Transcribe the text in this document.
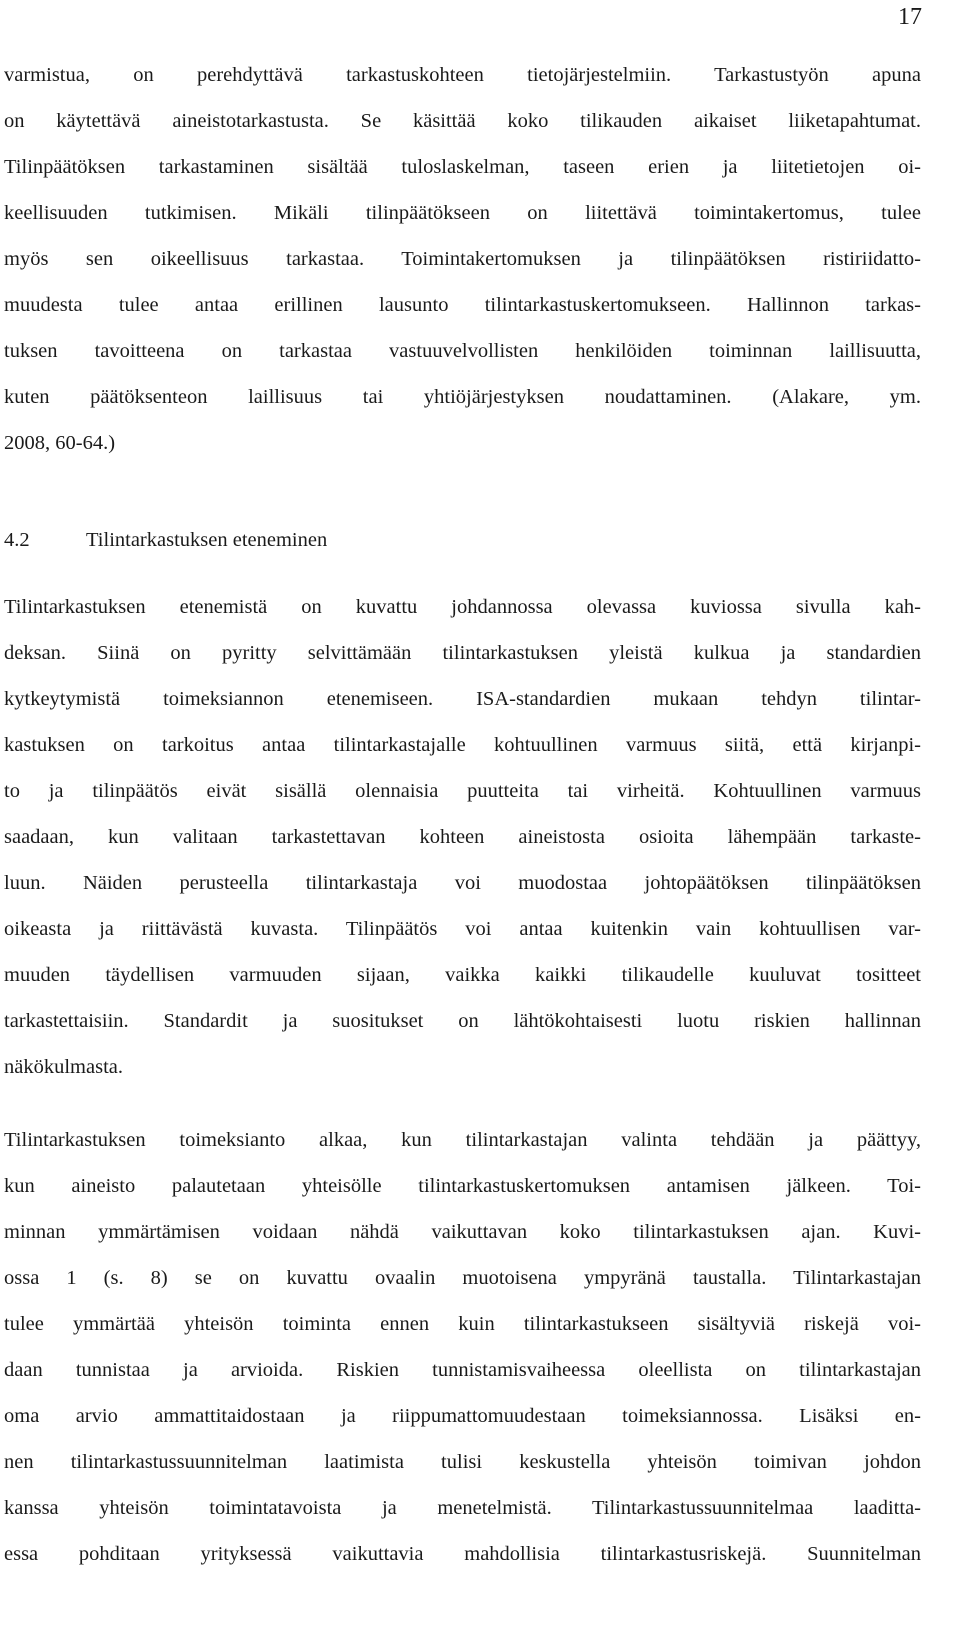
17
varmistua, on perehdyttävä tarkastuskohteen tietojärjestelmiin. Tarkastustyön apuna
on käytettävä aineistotarkastusta. Se käsittää koko tilikauden aikaiset liiketapahtumat.
Tilinpäätöksen tarkastaminen sisältää tuloslaskelman, taseen erien ja liitetietojen oi-
keellisuuden tutkimisen. Mikäli tilinpäätökseen on liitettävä toimintakertomus, tulee
myös sen oikeellisuus tarkastaa. Toimintakertomuksen ja tilinpäätöksen ristiriidatto-
muudesta tulee antaa erillinen lausunto tilintarkastuskertomukseen. Hallinnon tarkas-
tuksen tavoitteena on tarkastaa vastuuvelvollisten henkilöiden toiminnan laillisuutta,
kuten päätöksenteon laillisuus tai yhtiöjärjestyksen noudattaminen. (Alakare, ym.
2008, 60-64.)
4.2	Tilintarkastuksen eteneminen
Tilintarkastuksen etenemistä on kuvattu johdannossa olevassa kuviossa sivulla kah-
deksan. Siinä on pyritty selvittämään tilintarkastuksen yleistä kulkua ja standardien
kytkeytymistä toimeksiannon etenemiseen. ISA-standardien mukaan tehdyn tilintar-
kastuksen on tarkoitus antaa tilintarkastajalle kohtuullinen varmuus siitä, että kirjanpi-
to ja tilinpäätös eivät sisällä olennaisia puutteita tai virheitä. Kohtuullinen varmuus
saadaan, kun valitaan tarkastettavan kohteen aineistosta osioita lähempään tarkaste-
luun. Näiden perusteella tilintarkastaja voi muodostaa johtopäätöksen tilinpäätöksen
oikeasta ja riittävästä kuvasta. Tilinpäätös voi antaa kuitenkin vain kohtuullisen var-
muuden täydellisen varmuuden sijaan, vaikka kaikki tilikaudelle kuuluvat tositteet
tarkastettaisiin. Standardit ja suositukset on lähtökohtaisesti luotu riskien hallinnan
näkökulmasta.
Tilintarkastuksen toimeksianto alkaa, kun tilintarkastajan valinta tehdään ja päättyy,
kun aineisto palautetaan yhteisölle tilintarkastuskertomuksen antamisen jälkeen. Toi-
minnan ymmärtämisen voidaan nähdä vaikuttavan koko tilintarkastuksen ajan. Kuvi-
ossa 1 (s. 8) se on kuvattu ovaalin muotoisena ympyränä taustalla. Tilintarkastajan
tulee ymmärtää yhteisön toiminta ennen kuin tilintarkastukseen sisältyviä riskejä voi-
daan tunnistaa ja arvioida. Riskien tunnistamisvaiheessa oleellista on tilintarkastajan
oma arvio ammattitaidostaan ja riippumattomuudestaan toimeksiannossa. Lisäksi en-
nen tilintarkastussuunnitelman laatimista tulisi keskustella yhteisön toimivan johdon
kanssa yhteisön toimintatavoista ja menetelmistä. Tilintarkastussuunnitelmaa laaditta-
essa pohditaan yrityksessä vaikuttavia mahdollisia tilintarkastusriskejä. Suunnitelman
